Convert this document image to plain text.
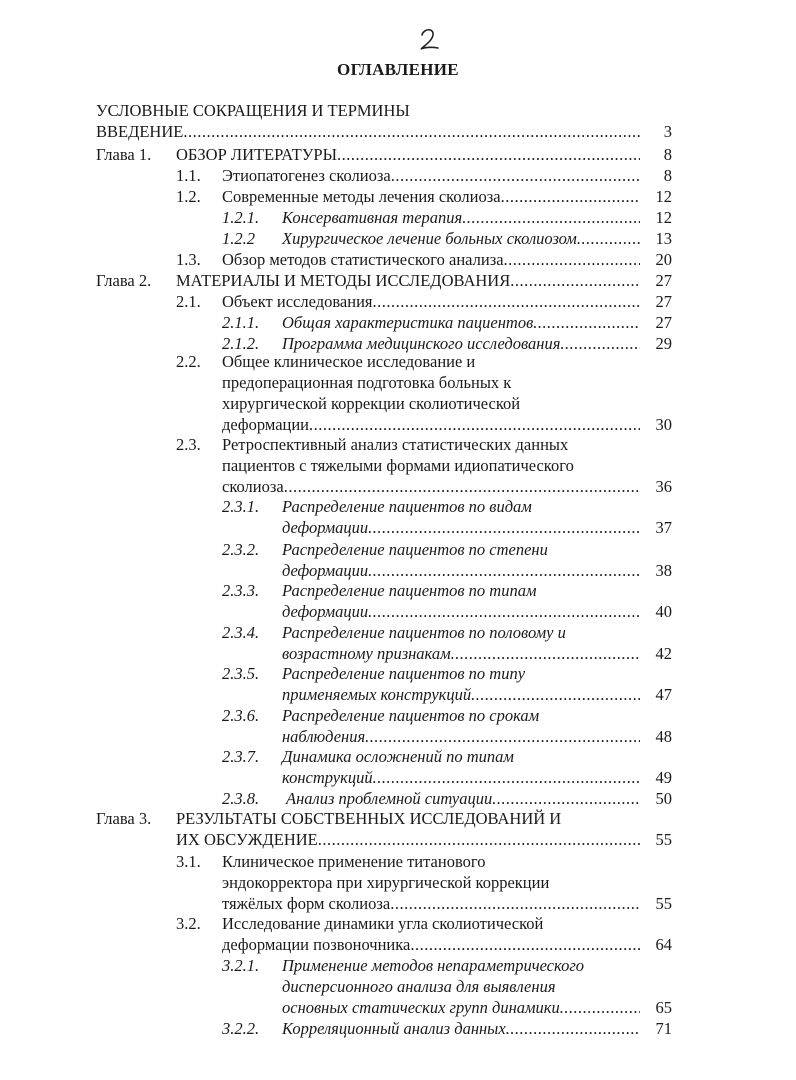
ОГЛАВЛЕНИЕ
УСЛОВНЫЕ СОКРАЩЕНИЯ И ТЕРМИНЫ
ВВЕДЕНИЕ .....	3
Глава 1. ОБЗОР ЛИТЕРАТУРЫ .....	8
1.1. Этиопатогенез сколиоза .....	8
1.2. Современные методы лечения сколиоза .....	12
1.2.1. Консервативная терапия .....	12
1.2.2 Хирургическое лечение больных сколиозом .....	13
1.3. Обзор методов статистического анализа .....	20
Глава 2. МАТЕРИАЛЫ И МЕТОДЫ ИССЛЕДОВАНИЯ .....	27
2.1. Объект исследования .....	27
2.1.1. Общая характеристика пациентов .....	27
2.1.2. Программа медицинского исследования .....	29
2.2. Общее клиническое исследование и
предоперационная подготовка больных к
хирургической коррекции сколиотической
деформации .....	30
2.3. Ретроспективный анализ статистических данных
пациентов с тяжелыми формами идиопатического
сколиоза .....	36
2.3.1. Распределение пациентов по видам
деформации .....	37
2.3.2. Распределение пациентов по степени
деформации .....	38
2.3.3. Распределение пациентов по типам
деформации .....	40
2.3.4. Распределение пациентов по половому и
возрастному признакам .....	42
2.3.5. Распределение пациентов по типу
применяемых конструкций .....	47
2.3.6. Распределение пациентов по срокам
наблюдения .....	48
2.3.7. Динамика осложнений по типам
конструкций .....	49
2.3.8. Анализ проблемной ситуации .....	50
Глава 3. РЕЗУЛЬТАТЫ СОБСТВЕННЫХ ИССЛЕДОВАНИЙ И
ИХ ОБСУЖДЕНИЕ .....	55
3.1. Клиническое применение титанового
эндокорректора при хирургической коррекции
тяжёлых форм сколиоза .....	55
3.2. Исследование динамики угла сколиотической
деформации позвоночника .....	64
3.2.1. Применение методов непараметрического
дисперсионного анализа для выявления
основных статических групп динамики .....	65
3.2.2. Корреляционный анализ данных .....	71
